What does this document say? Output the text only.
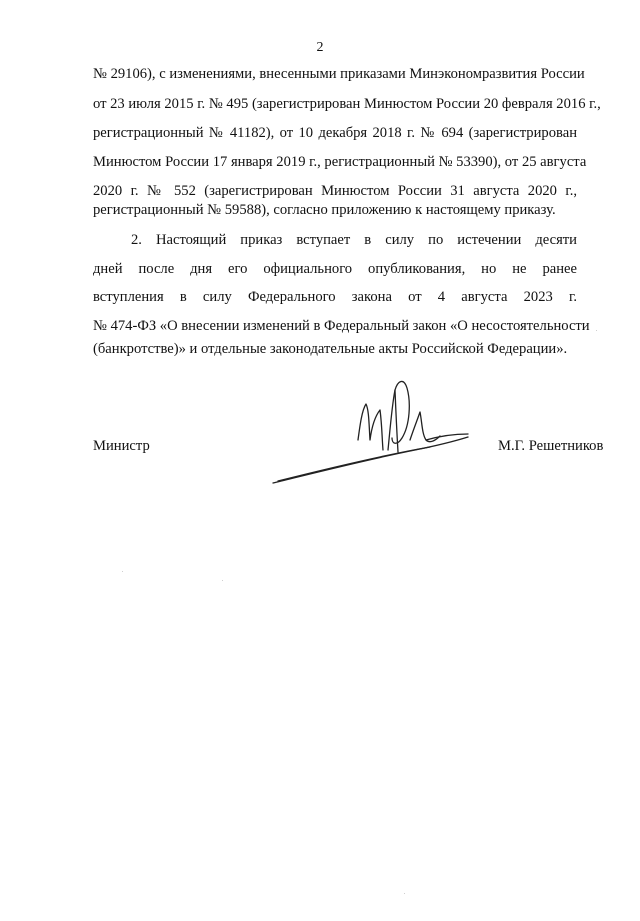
2
№ 29106), с изменениями, внесенными приказами Минэкономразвития России
от 23 июля 2015 г. № 495 (зарегистрирован Минюстом России 20 февраля 2016 г.,
регистрационный № 41182), от 10 декабря 2018 г. № 694 (зарегистрирован
Минюстом России 17 января 2019 г., регистрационный № 53390), от 25 августа
2020 г. № 552 (зарегистрирован Минюстом России 31 августа 2020 г.,
регистрационный № 59588), согласно приложению к настоящему приказу.
2. Настоящий приказ вступает в силу по истечении десяти
дней после дня его официального опубликования, но не ранее
вступления в силу Федерального закона от 4 августа 2023 г.
№ 474-ФЗ «О внесении изменений в Федеральный закон «О несостоятельности
(банкротстве)» и отдельные законодательные акты Российской Федерации».
Министр	М.Г. Решетников
